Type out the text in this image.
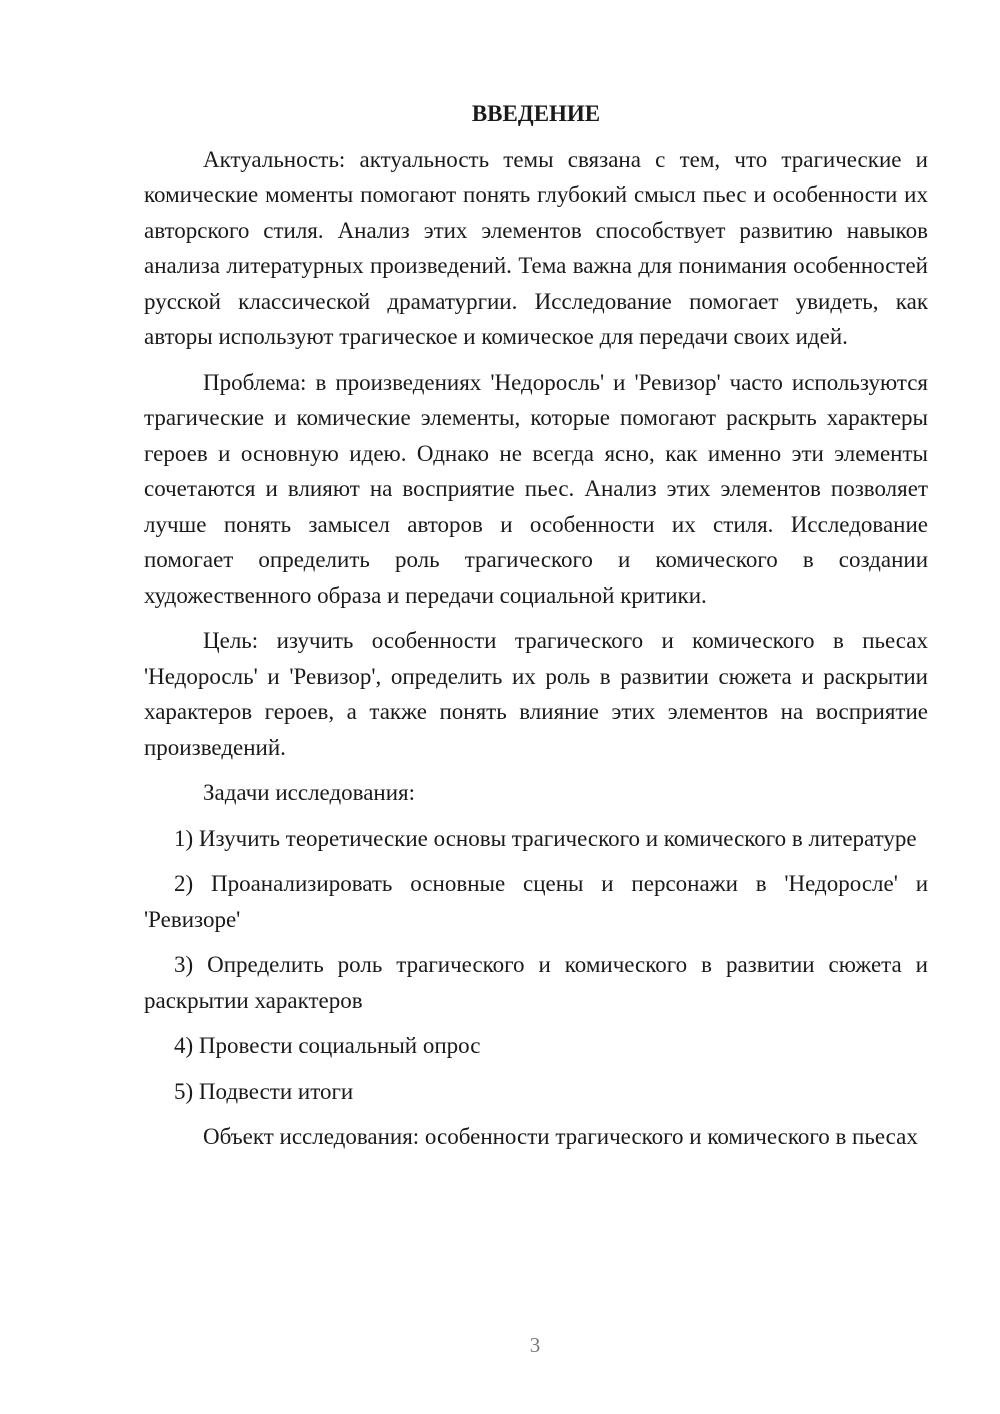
ВВЕДЕНИЕ

Актуальность: актуальность темы связана с тем, что трагические и комические моменты помогают понять глубокий смысл пьес и особенности их авторского стиля. Анализ этих элементов способствует развитию навыков анализа литературных произведений. Тема важна для понимания особенностей русской классической драматургии. Исследование помогает увидеть, как авторы используют трагическое и комическое для передачи своих идей.

Проблема: в произведениях 'Недоросль' и 'Ревизор' часто используются трагические и комические элементы, которые помогают раскрыть характеры героев и основную идею. Однако не всегда ясно, как именно эти элементы сочетаются и влияют на восприятие пьес. Анализ этих элементов позволяет лучше понять замысел авторов и особенности их стиля. Исследование помогает определить роль трагического и комического в создании художественного образа и передачи социальной критики.

Цель: изучить особенности трагического и комического в пьесах 'Недоросль' и 'Ревизор', определить их роль в развитии сюжета и раскрытии характеров героев, а также понять влияние этих элементов на восприятие произведений.

Задачи исследования:

1) Изучить теоретические основы трагического и комического в литературе

2) Проанализировать основные сцены и персонажи в 'Недоросле' и 'Ревизоре'

3) Определить роль трагического и комического в развитии сюжета и раскрытии характеров

4) Провести социальный опрос

5) Подвести итоги

Объект исследования: особенности трагического и комического в пьесах

3
